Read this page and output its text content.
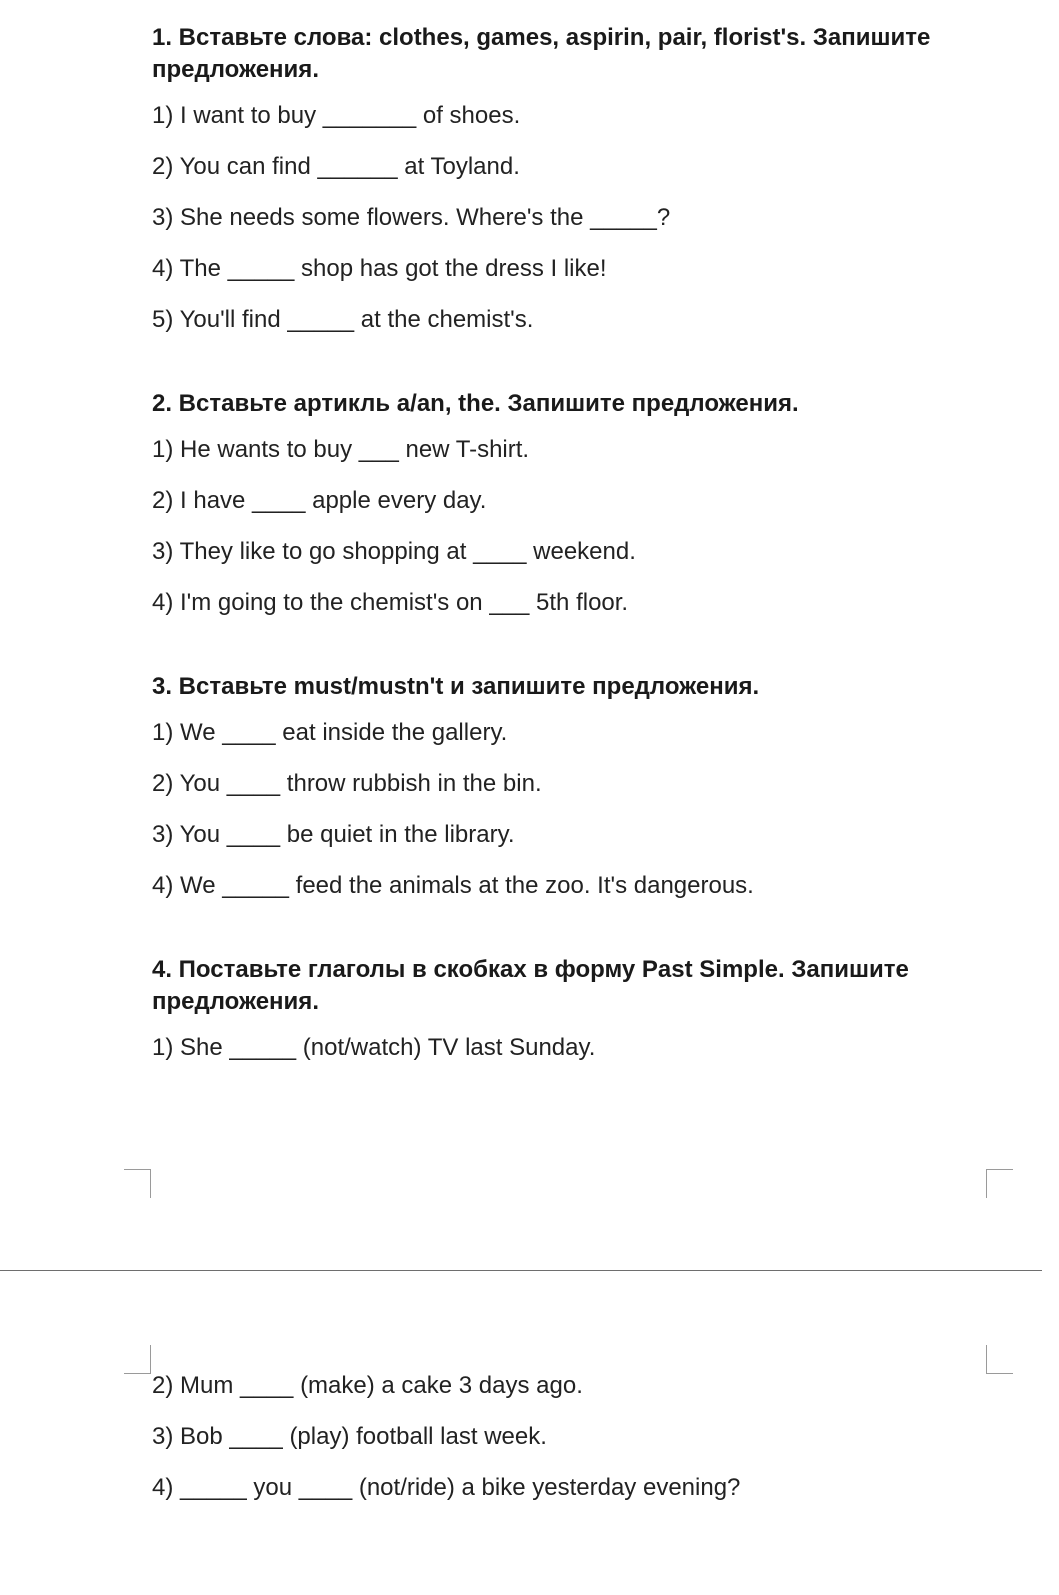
1. Вставьте слова: clothes, games, aspirin, pair, florist's. Запишите
предложения.
1) I want to buy _______ of shoes.
2) You can find ______ at Toyland.
3) She needs some flowers. Where's the _____?
4) The _____ shop has got the dress I like!
5) You'll find _____ at the chemist's.
2. Вставьте артикль a/an, the. Запишите предложения.
1) He wants to buy ___ new T-shirt.
2) I have ____ apple every day.
3) They like to go shopping at ____ weekend.
4) I'm going to the chemist's on ___ 5th floor.
3. Вставьте must/mustn't и запишите предложения.
1) We ____ eat inside the gallery.
2) You ____ throw rubbish in the bin.
3) You ____ be quiet in the library.
4) We _____ feed the animals at the zoo. It's dangerous.
4. Поставьте глаголы в скобках в форму Past Simple. Запишите
предложения.
1) She _____ (not/watch) TV last Sunday.
2) Mum ____ (make) a cake 3 days ago.
3) Bob ____ (play) football last week.
4) _____ you ____ (not/ride) a bike yesterday evening?
